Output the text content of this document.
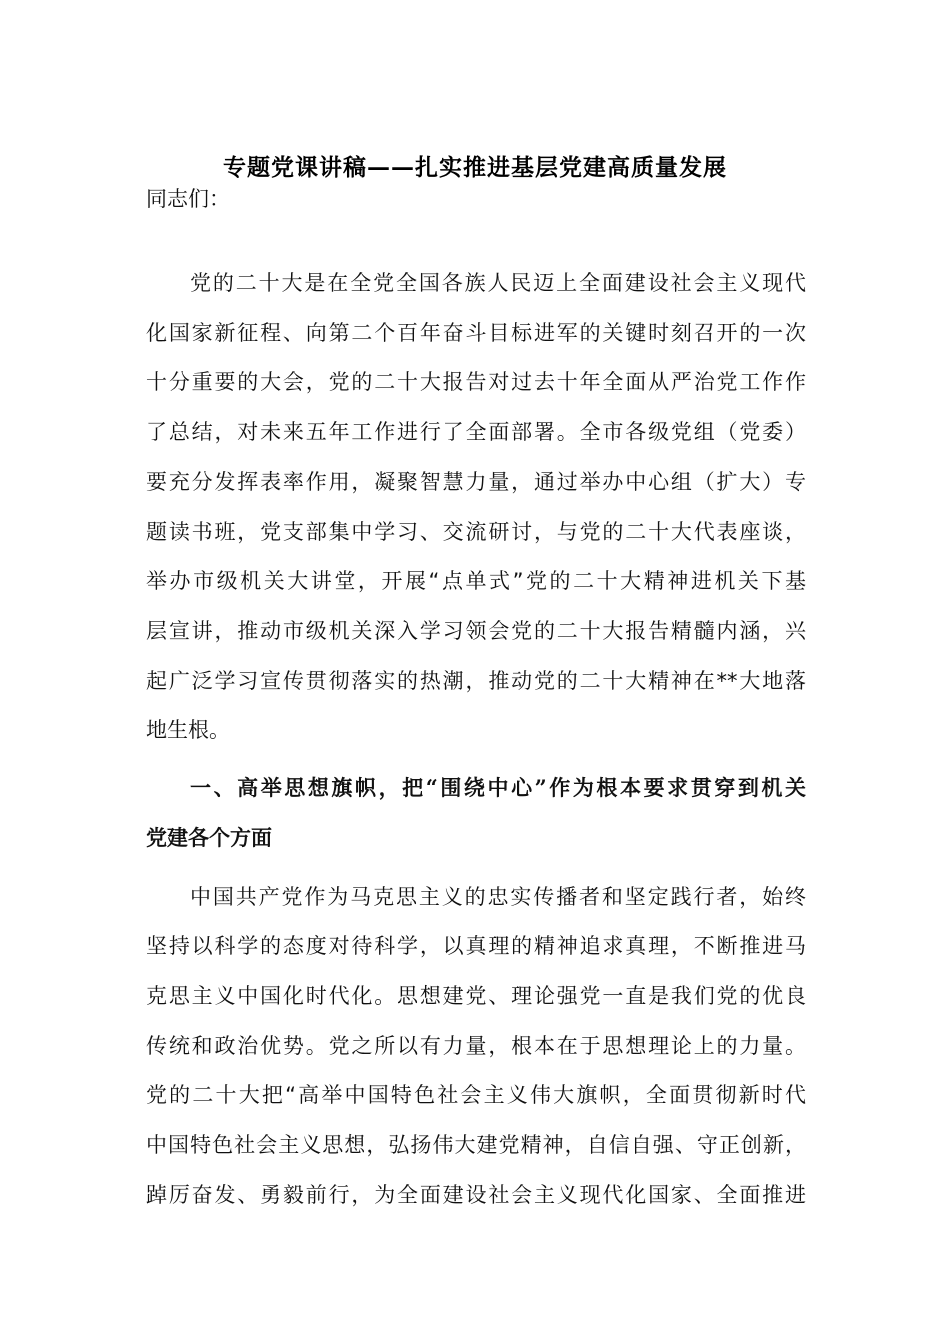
专题党课讲稿——扎实推进基层党建高质量发展
同志们：
党的二十大是在全党全国各族人民迈上全面建设社会主义现代
化国家新征程、向第二个百年奋斗目标进军的关键时刻召开的一次
十分重要的大会，党的二十大报告对过去十年全面从严治党工作作
了总结，对未来五年工作进行了全面部署。全市各级党组（党委）
要充分发挥表率作用，凝聚智慧力量，通过举办中心组（扩大）专
题读书班，党支部集中学习、交流研讨，与党的二十大代表座谈，
举办市级机关大讲堂，开展“点单式”党的二十大精神进机关下基
层宣讲，推动市级机关深入学习领会党的二十大报告精髓内涵，兴
起广泛学习宣传贯彻落实的热潮，推动党的二十大精神在**大地落
地生根。
一、高举思想旗帜，把“围绕中心”作为根本要求贯穿到机关
党建各个方面
中国共产党作为马克思主义的忠实传播者和坚定践行者，始终
坚持以科学的态度对待科学，以真理的精神追求真理，不断推进马
克思主义中国化时代化。思想建党、理论强党一直是我们党的优良
传统和政治优势。党之所以有力量，根本在于思想理论上的力量。
党的二十大把“高举中国特色社会主义伟大旗帜，全面贯彻新时代
中国特色社会主义思想，弘扬伟大建党精神，自信自强、守正创新，
踔厉奋发、勇毅前行，为全面建设社会主义现代化国家、全面推进
